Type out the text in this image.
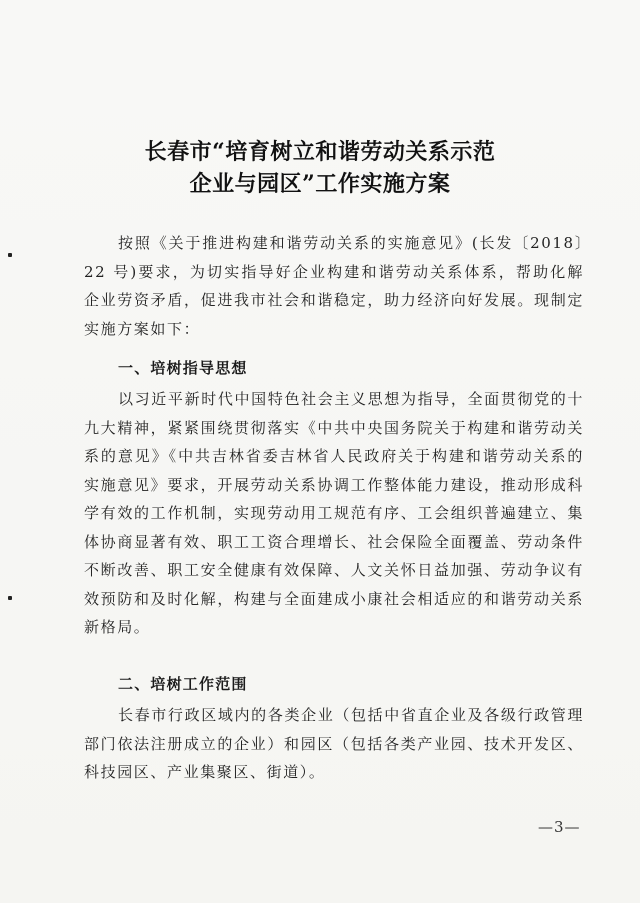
长春市“培育树立和谐劳动关系示范
企业与园区”工作实施方案
按照《关于推进构建和谐劳动关系的实施意见》(长发〔2018〕22 号)要求，为切实指导好企业构建和谐劳动关系体系，帮助化解企业劳资矛盾，促进我市社会和谐稳定，助力经济向好发展。现制定实施方案如下：
一、培树指导思想
以习近平新时代中国特色社会主义思想为指导，全面贯彻党的十九大精神，紧紧围绕贯彻落实《中共中央国务院关于构建和谐劳动关系的意见》《中共吉林省委吉林省人民政府关于构建和谐劳动关系的实施意见》要求，开展劳动关系协调工作整体能力建设，推动形成科学有效的工作机制，实现劳动用工规范有序、工会组织普遍建立、集体协商显著有效、职工工资合理增长、社会保险全面覆盖、劳动条件不断改善、职工安全健康有效保障、人文关怀日益加强、劳动争议有效预防和及时化解，构建与全面建成小康社会相适应的和谐劳动关系新格局。
二、培树工作范围
长春市行政区域内的各类企业（包括中省直企业及各级行政管理部门依法注册成立的企业）和园区（包括各类产业园、技术开发区、科技园区、产业集聚区、街道）。
—3—
